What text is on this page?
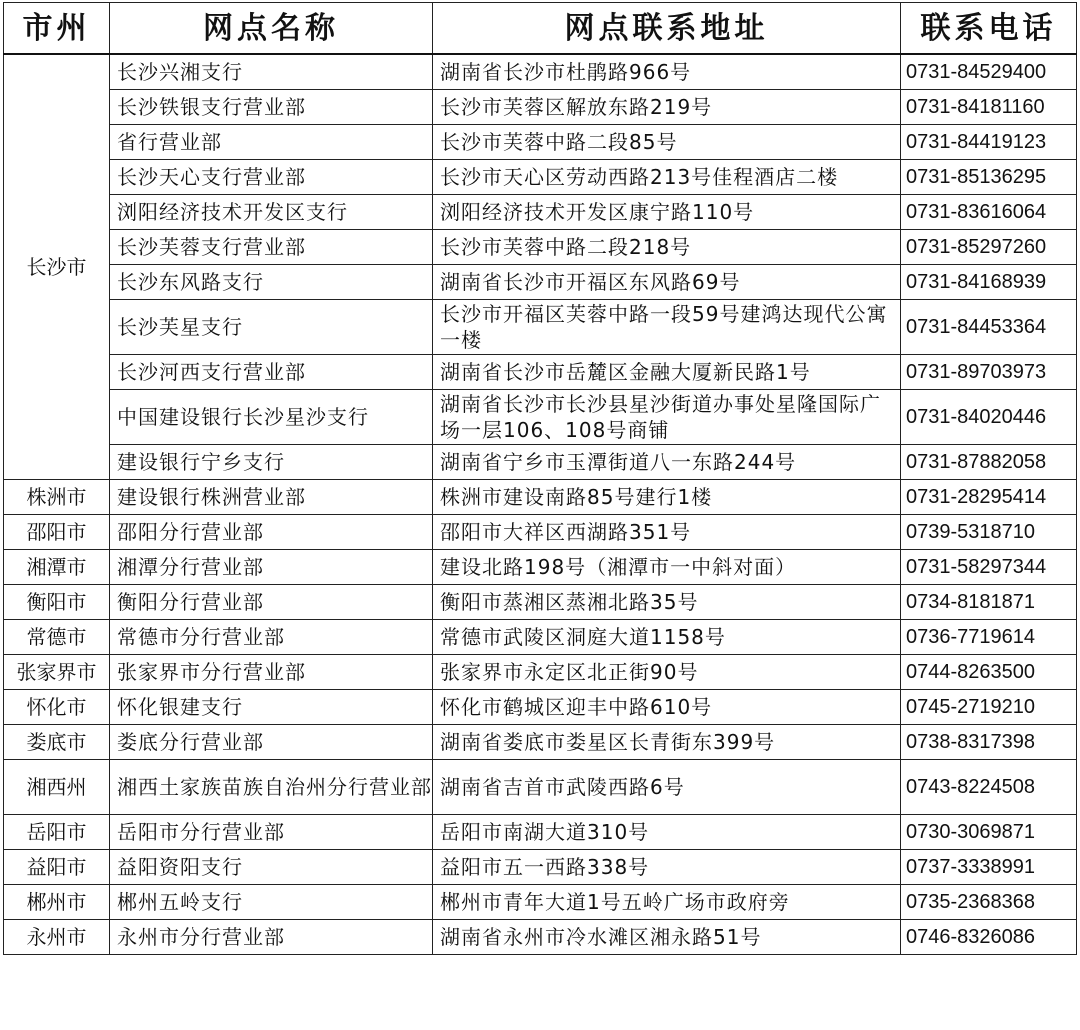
市州	网点名称	网点联系地址	联系电话
长沙市	长沙兴湘支行	湖南省长沙市杜鹃路966号	0731-84529400
	长沙铁银支行营业部	长沙市芙蓉区解放东路219号	0731-84181160
	省行营业部	长沙市芙蓉中路二段85号	0731-84419123
	长沙天心支行营业部	长沙市天心区劳动西路213号佳程酒店二楼	0731-85136295
	浏阳经济技术开发区支行	浏阳经济技术开发区康宁路110号	0731-83616064
	长沙芙蓉支行营业部	长沙市芙蓉中路二段218号	0731-85297260
	长沙东风路支行	湖南省长沙市开福区东风路69号	0731-84168939
	长沙芙星支行	长沙市开福区芙蓉中路一段59号建鸿达现代公寓一楼	0731-84453364
	长沙河西支行营业部	湖南省长沙市岳麓区金融大厦新民路1号	0731-89703973
	中国建设银行长沙星沙支行	湖南省长沙市长沙县星沙街道办事处星隆国际广场一层106、108号商铺	0731-84020446
	建设银行宁乡支行	湖南省宁乡市玉潭街道八一东路244号	0731-87882058
株洲市	建设银行株洲营业部	株洲市建设南路85号建行1楼	0731-28295414
邵阳市	邵阳分行营业部	邵阳市大祥区西湖路351号	0739-5318710
湘潭市	湘潭分行营业部	建设北路198号（湘潭市一中斜对面）	0731-58297344
衡阳市	衡阳分行营业部	衡阳市蒸湘区蒸湘北路35号	0734-8181871
常德市	常德市分行营业部	常德市武陵区洞庭大道1158号	0736-7719614
张家界市	张家界市分行营业部	张家界市永定区北正街90号	0744-8263500
怀化市	怀化银建支行	怀化市鹤城区迎丰中路610号	0745-2719210
娄底市	娄底分行营业部	湖南省娄底市娄星区长青街东399号	0738-8317398
湘西州	湘西土家族苗族自治州分行营业部	湖南省吉首市武陵西路6号	0743-8224508
岳阳市	岳阳市分行营业部	岳阳市南湖大道310号	0730-3069871
益阳市	益阳资阳支行	益阳市五一西路338号	0737-3338991
郴州市	郴州五岭支行	郴州市青年大道1号五岭广场市政府旁	0735-2368368
永州市	永州市分行营业部	湖南省永州市冷水滩区湘永路51号	0746-8326086
